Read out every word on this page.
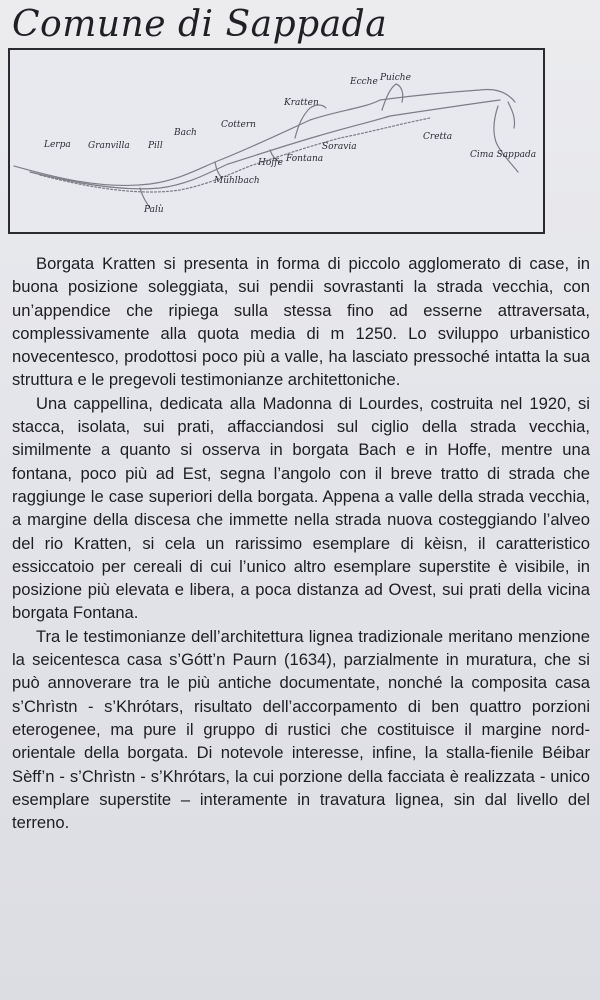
Comune di Sappada
Lerpa Granvilla Pill
Bach
Cottern
Kratten
Ecche Puiche
Soravia
Hoffe Fontana
Mühlbach
Cretta
Cima Sappada
Palù

Borgata Kratten si presenta in forma di piccolo agglomerato di case, in buona posizione soleggiata, sui pendii sovrastanti la strada vecchia, con un’appendice che ripiega sulla stessa fino ad esserne attraversata, complessivamente alla quota media di m 1250. Lo sviluppo urbanistico novecentesco, prodottosi poco più a valle, ha lasciato pressoché intatta la sua struttura e le pregevoli testimonianze architettoniche.

Una cappellina, dedicata alla Madonna di Lourdes, costruita nel 1920, si stacca, isolata, sui prati, affacciandosi sul ciglio della strada vecchia, similmente a quanto si osserva in borgata Bach e in Hoffe, mentre una fontana, poco più ad Est, segna l’angolo con il breve tratto di strada che raggiunge le case superiori della borgata. Appena a valle della strada vecchia, a margine della discesa che immette nella strada nuova costeggiando l’alveo del rio Kratten, si cela un rarissimo esemplare di kèisn, il caratteristico essiccatoio per cereali di cui l’unico altro esemplare superstite è visibile, in posizione più elevata e libera, a poca distanza ad Ovest, sui prati della vicina borgata Fontana.

Tra le testimonianze dell’architettura lignea tradizionale meritano menzione la seicentesca casa s’Gótt’n Paurn (1634), parzialmente in muratura, che si può annoverare tra le più antiche documentate, nonché la composita casa s’Chrìstn - s’Khrótars, risultato dell’accorpamento di ben quattro porzioni eterogenee, ma pure il gruppo di rustici che costituisce il margine nord-orientale della borgata. Di notevole interesse, infine, la stalla-fienile Béibar Sèff’n - s’Chrìstn - s’Khrótars, la cui porzione della facciata è realizzata - unico esemplare superstite – interamente in travatura lignea, sin dal livello del terreno.
